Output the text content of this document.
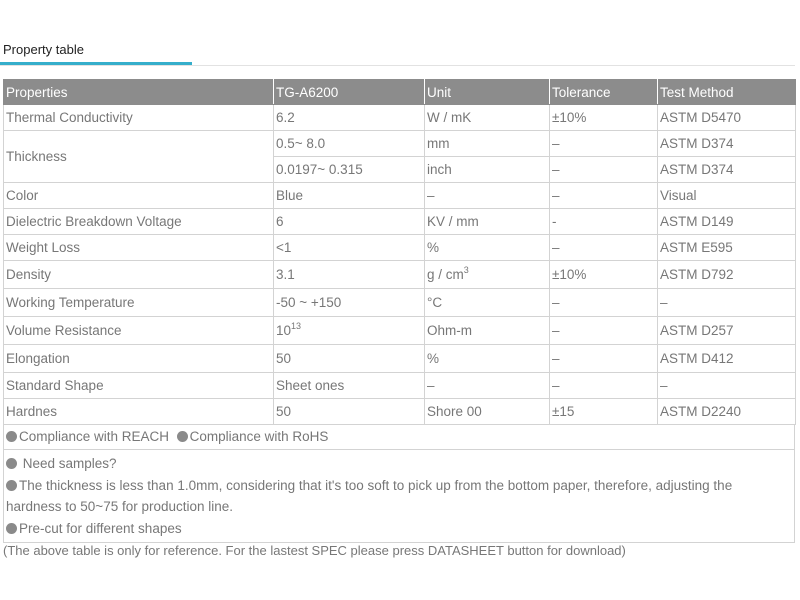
Property table
Properties	TG-A6200	Unit	Tolerance	Test Method
Thermal Conductivity	6.2	W / mK	±10%	ASTM D5470
Thickness	0.5~ 8.0	mm	–	ASTM D374
	0.0197~ 0.315	inch	–	ASTM D374
Color	Blue	–	–	Visual
Dielectric Breakdown Voltage	6	KV / mm	-	ASTM D149
Weight Loss	<1	%	–	ASTM E595
Density	3.1	g / $cm^3$	±10%	ASTM D792
Working Temperature	-50 ~ +150	°C	–	–
Volume Resistance	$10^{13}$	Ohm-m	–	ASTM D257
Elongation	50	%	–	ASTM D412
Standard Shape	Sheet ones	–	–	–
Hardnes	50	Shore 00	±15	ASTM D2240
Compliance with REACH Compliance with RoHS
Need samples?
The thickness is less than 1.0mm, considering that it's too soft to pick up from the bottom paper, therefore, adjusting the
hardness to 50~75 for production line.
Pre-cut for different shapes
(The above table is only for reference. For the lastest SPEC please press DATASHEET button for download)
